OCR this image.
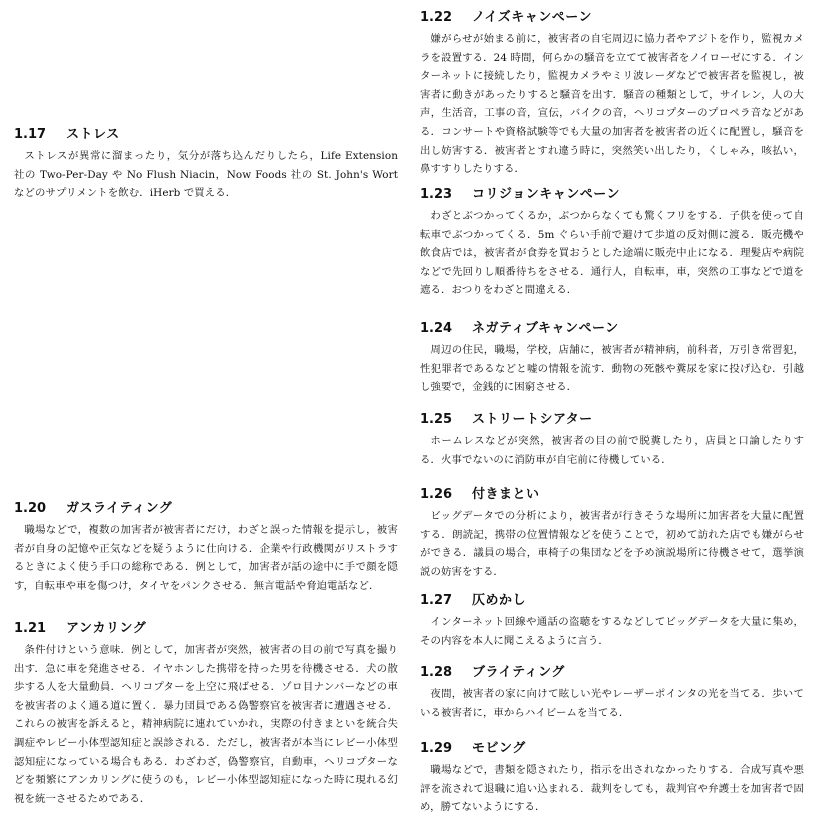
1.17	ストレス

ストレスが異常に溜まったり，気分が落ち込んだりしたら，Life Extension 社の Two-Per-Day や No Flush Niacin，Now Foods 社の St. John's Wort などのサプリメントを飲む．iHerb で買える．

1.20	ガスライティング

職場などで，複数の加害者が被害者にだけ，わざと誤った情報を提示し，被害者が自身の記憶や正気などを疑うように仕向ける．企業や行政機関がリストラするときによく使う手口の総称である．例として，加害者が話の途中に手で顔を隠す，自転車や車を傷つけ，タイヤをパンクさせる．無言電話や脅迫電話など．

1.21	アンカリング

条件付けという意味．例として，加害者が突然，被害者の目の前で写真を撮り出す．急に車を発進させる．イヤホンした携帯を持った男を待機させる．犬の散歩する人を大量動員．ヘリコプターを上空に飛ばせる．ゾロ目ナンバーなどの車を被害者のよく通る道に置く．暴力団員である偽警察官を被害者に遭遇させる．これらの被害を訴えると，精神病院に連れていかれ，実際の付きまといを統合失調症やレビー小体型認知症と誤診される．ただし，被害者が本当にレビー小体型認知症になっている場合もある．わざわざ，偽警察官，自動車，ヘリコプターなどを頻繁にアンカリングに使うのも，レビー小体型認知症になった時に現れる幻視を統一させるためである．

1.22	ノイズキャンペーン

嫌がらせが始まる前に，被害者の自宅周辺に協力者やアジトを作り，監視カメラを設置する．24 時間，何らかの騒音を立てて被害者をノイローゼにする．インターネットに接続したり，監視カメラやミリ波レーダなどで被害者を監視し，被害者に動きがあったりすると騒音を出す．騒音の種類として，サイレン，人の大声，生活音，工事の音，宣伝，バイクの音，ヘリコプターのプロペラ音などがある．コンサートや資格試験等でも大量の加害者を被害者の近くに配置し，騒音を出し妨害する．被害者とすれ違う時に，突然笑い出したり，くしゃみ，咳払い，鼻すすりしたりする．

1.23	コリジョンキャンペーン

わざとぶつかってくるか，ぶつからなくても驚くフリをする．子供を使って自転車でぶつかってくる．5m ぐらい手前で避けて歩道の反対側に渡る．販売機や飲食店では，被害者が食券を買おうとした途端に販売中止になる．理髪店や病院などで先回りし順番待ちをさせる．通行人，自転車，車，突然の工事などで道を遮る．おつりをわざと間違える．

1.24	ネガティブキャンペーン

周辺の住民，職場，学校，店舗に，被害者が精神病，前科者，万引き常習犯，性犯罪者であるなどと嘘の情報を流す．動物の死骸や糞尿を家に投げ込む．引越し強要で，金銭的に困窮させる．

1.25	ストリートシアター

ホームレスなどが突然，被害者の目の前で脱糞したり，店員と口論したりする．火事でないのに消防車が自宅前に待機している．

1.26	付きまとい

ビッグデータでの分析により，被害者が行きそうな場所に加害者を大量に配置する．朗読記，携帯の位置情報などを使うことで，初めて訪れた店でも嫌がらせができる．議員の場合，車椅子の集団などを予め演説場所に待機させて，選挙演説の妨害をする．

1.27	仄めかし

インターネット回線や通話の盗聴をするなどしてビッグデータを大量に集め，その内容を本人に聞こえるように言う．

1.28	ブライティング

夜間，被害者の家に向けて眩しい光やレーザーポインタの光を当てる．歩いている被害者に，車からハイビームを当てる．

1.29	モビング

職場などで，書類を隠されたり，指示を出されなかったりする．合成写真や悪評を流されて退職に追い込まれる．裁判をしても，裁判官や弁護士を加害者で固め，勝てないようにする．
